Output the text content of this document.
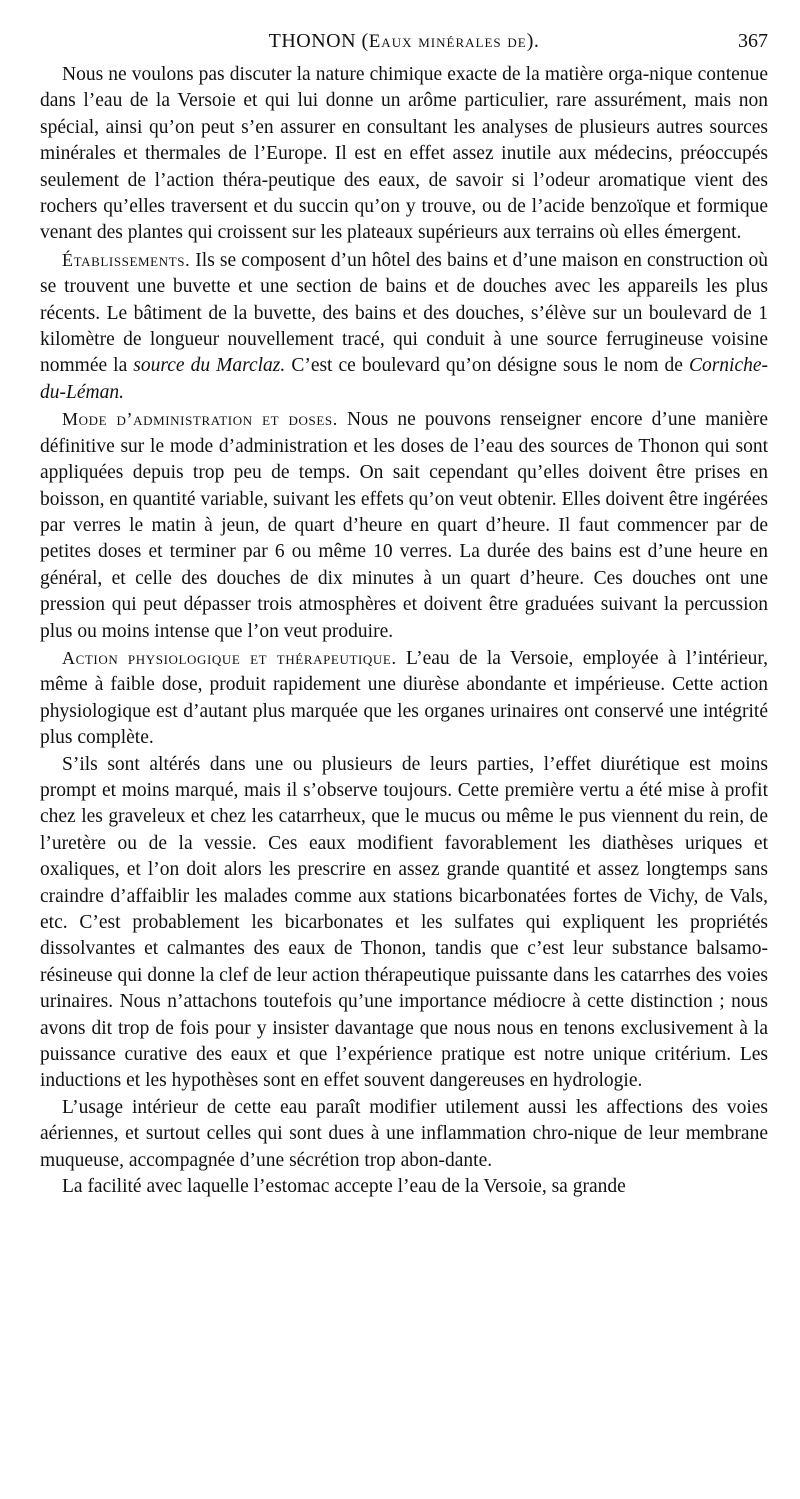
THONON (Eaux minérales de).	367

Nous ne voulons pas discuter la nature chimique exacte de la matière orga-nique contenue dans l’eau de la Versoie et qui lui donne un arôme particulier, rare assurément, mais non spécial, ainsi qu’on peut s’en assurer en consultant les analyses de plusieurs autres sources minérales et thermales de l’Europe. Il est en effet assez inutile aux médecins, préoccupés seulement de l’action théra-peutique des eaux, de savoir si l’odeur aromatique vient des rochers qu’elles traversent et du succin qu’on y trouve, ou de l’acide benzoïque et formique venant des plantes qui croissent sur les plateaux supérieurs aux terrains où elles émergent.

Établissements. Ils se composent d’un hôtel des bains et d’une maison en construction où se trouvent une buvette et une section de bains et de douches avec les appareils les plus récents. Le bâtiment de la buvette, des bains et des douches, s’élève sur un boulevard de 1 kilomètre de longueur nouvellement tracé, qui conduit à une source ferrugineuse voisine nommée la source du Marclaz. C’est ce boulevard qu’on désigne sous le nom de Corniche-du-Léman.

Mode d’administration et doses. Nous ne pouvons renseigner encore d’une manière définitive sur le mode d’administration et les doses de l’eau des sources de Thonon qui sont appliquées depuis trop peu de temps. On sait cependant qu’elles doivent être prises en boisson, en quantité variable, suivant les effets qu’on veut obtenir. Elles doivent être ingérées par verres le matin à jeun, de quart d’heure en quart d’heure. Il faut commencer par de petites doses et terminer par 6 ou même 10 verres. La durée des bains est d’une heure en général, et celle des douches de dix minutes à un quart d’heure. Ces douches ont une pression qui peut dépasser trois atmosphères et doivent être graduées suivant la percussion plus ou moins intense que l’on veut produire.

Action physiologique et thérapeutique. L’eau de la Versoie, employée à l’intérieur, même à faible dose, produit rapidement une diurèse abondante et impérieuse. Cette action physiologique est d’autant plus marquée que les organes urinaires ont conservé une intégrité plus complète.

S’ils sont altérés dans une ou plusieurs de leurs parties, l’effet diurétique est moins prompt et moins marqué, mais il s’observe toujours. Cette première vertu a été mise à profit chez les graveleux et chez les catarrheux, que le mucus ou même le pus viennent du rein, de l’uretère ou de la vessie. Ces eaux modifient favorablement les diathèses uriques et oxaliques, et l’on doit alors les prescrire en assez grande quantité et assez longtemps sans craindre d’affaiblir les malades comme aux stations bicarbonatées fortes de Vichy, de Vals, etc. C’est probablement les bicarbonates et les sulfates qui expliquent les propriétés dissolvantes et calmantes des eaux de Thonon, tandis que c’est leur substance balsamo-résineuse qui donne la clef de leur action thérapeutique puissante dans les catarrhes des voies urinaires. Nous n’attachons toutefois qu’une importance médiocre à cette distinction ; nous avons dit trop de fois pour y insister davantage que nous nous en tenons exclusivement à la puissance curative des eaux et que l’expérience pratique est notre unique critérium. Les inductions et les hypothèses sont en effet souvent dangereuses en hydrologie.

L’usage intérieur de cette eau paraît modifier utilement aussi les affections des voies aériennes, et surtout celles qui sont dues à une inflammation chro-nique de leur membrane muqueuse, accompagnée d’une sécrétion trop abon-dante.

La facilité avec laquelle l’estomac accepte l’eau de la Versoie, sa grande
